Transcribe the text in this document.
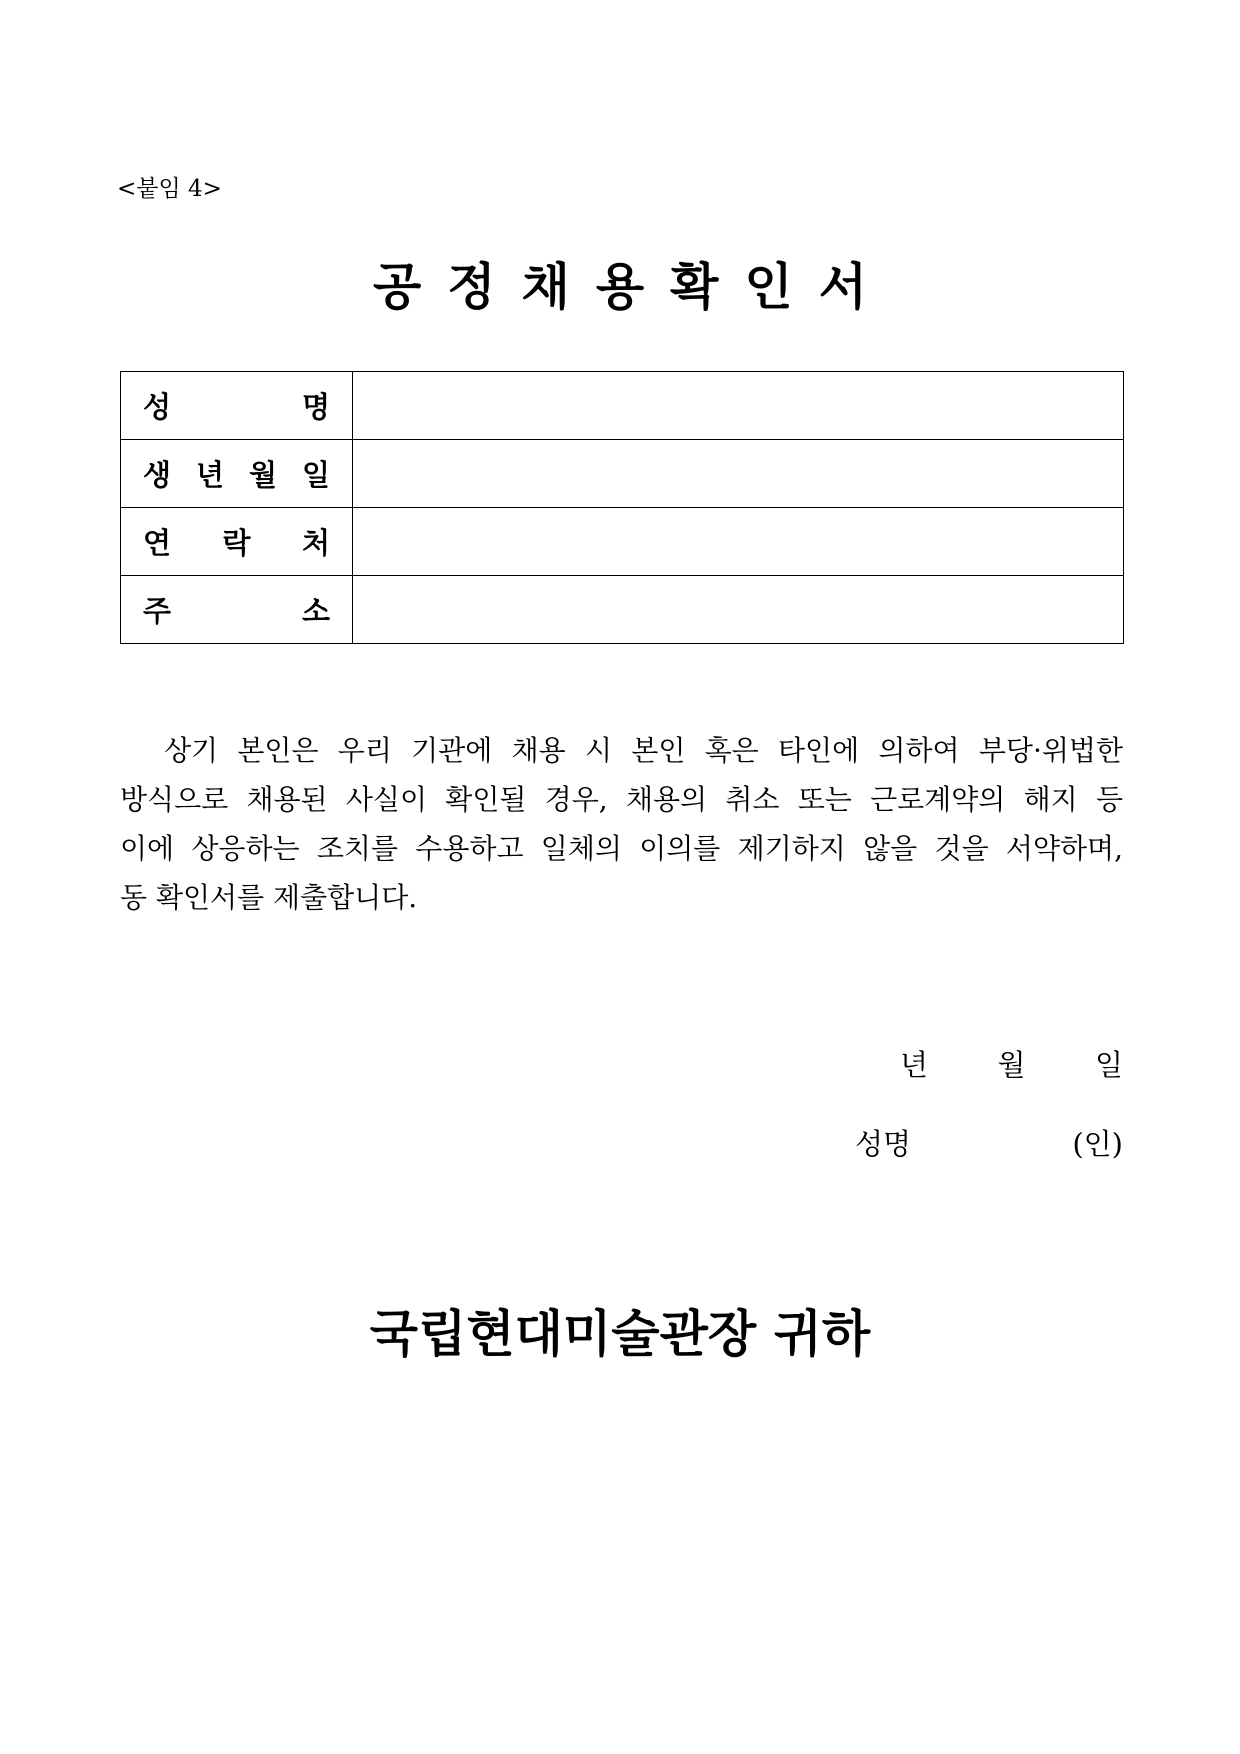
<붙임 4>
공정채용확인서
성 명	

생 년 월 일	

연 락 처	

주 소	

상기 본인은 우리 기관에 채용 시 본인 혹은 타인에 의하여 부당·위법한
방식으로 채용된 사실이 확인될 경우, 채용의 취소 또는 근로계약의 해지 등
이에 상응하는 조치를 수용하고 일체의 이의를 제기하지 않을 것을 서약하며,
동 확인서를 제출합니다.
년 월 일
성명	(인)
국립현대미술관장 귀하
